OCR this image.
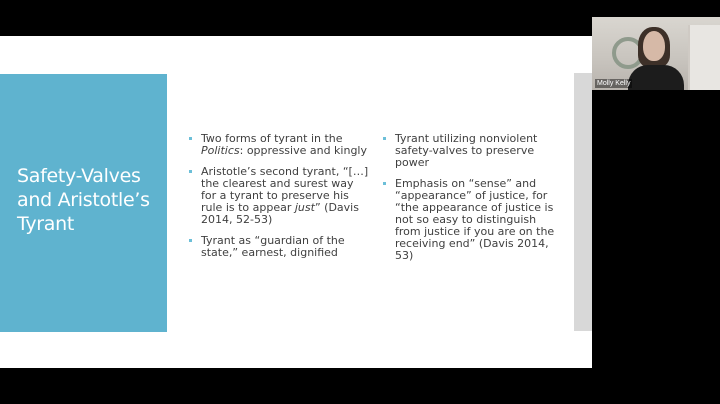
Safety-Valves
and Aristotle’s
Tyrant
Two forms of tyrant in the Politics: oppressive and kingly
Aristotle’s second tyrant, “[…] the clearest and surest way for a tyrant to preserve his rule is to appear just” (Davis 2014, 52-53)
Tyrant as “guardian of the state,” earnest, dignified
Tyrant utilizing nonviolent safety-valves to preserve power
Emphasis on “sense” and “appearance” of justice, for “the appearance of justice is not so easy to distinguish from justice if you are on the receiving end” (Davis 2014, 53)
Molly Kelly
